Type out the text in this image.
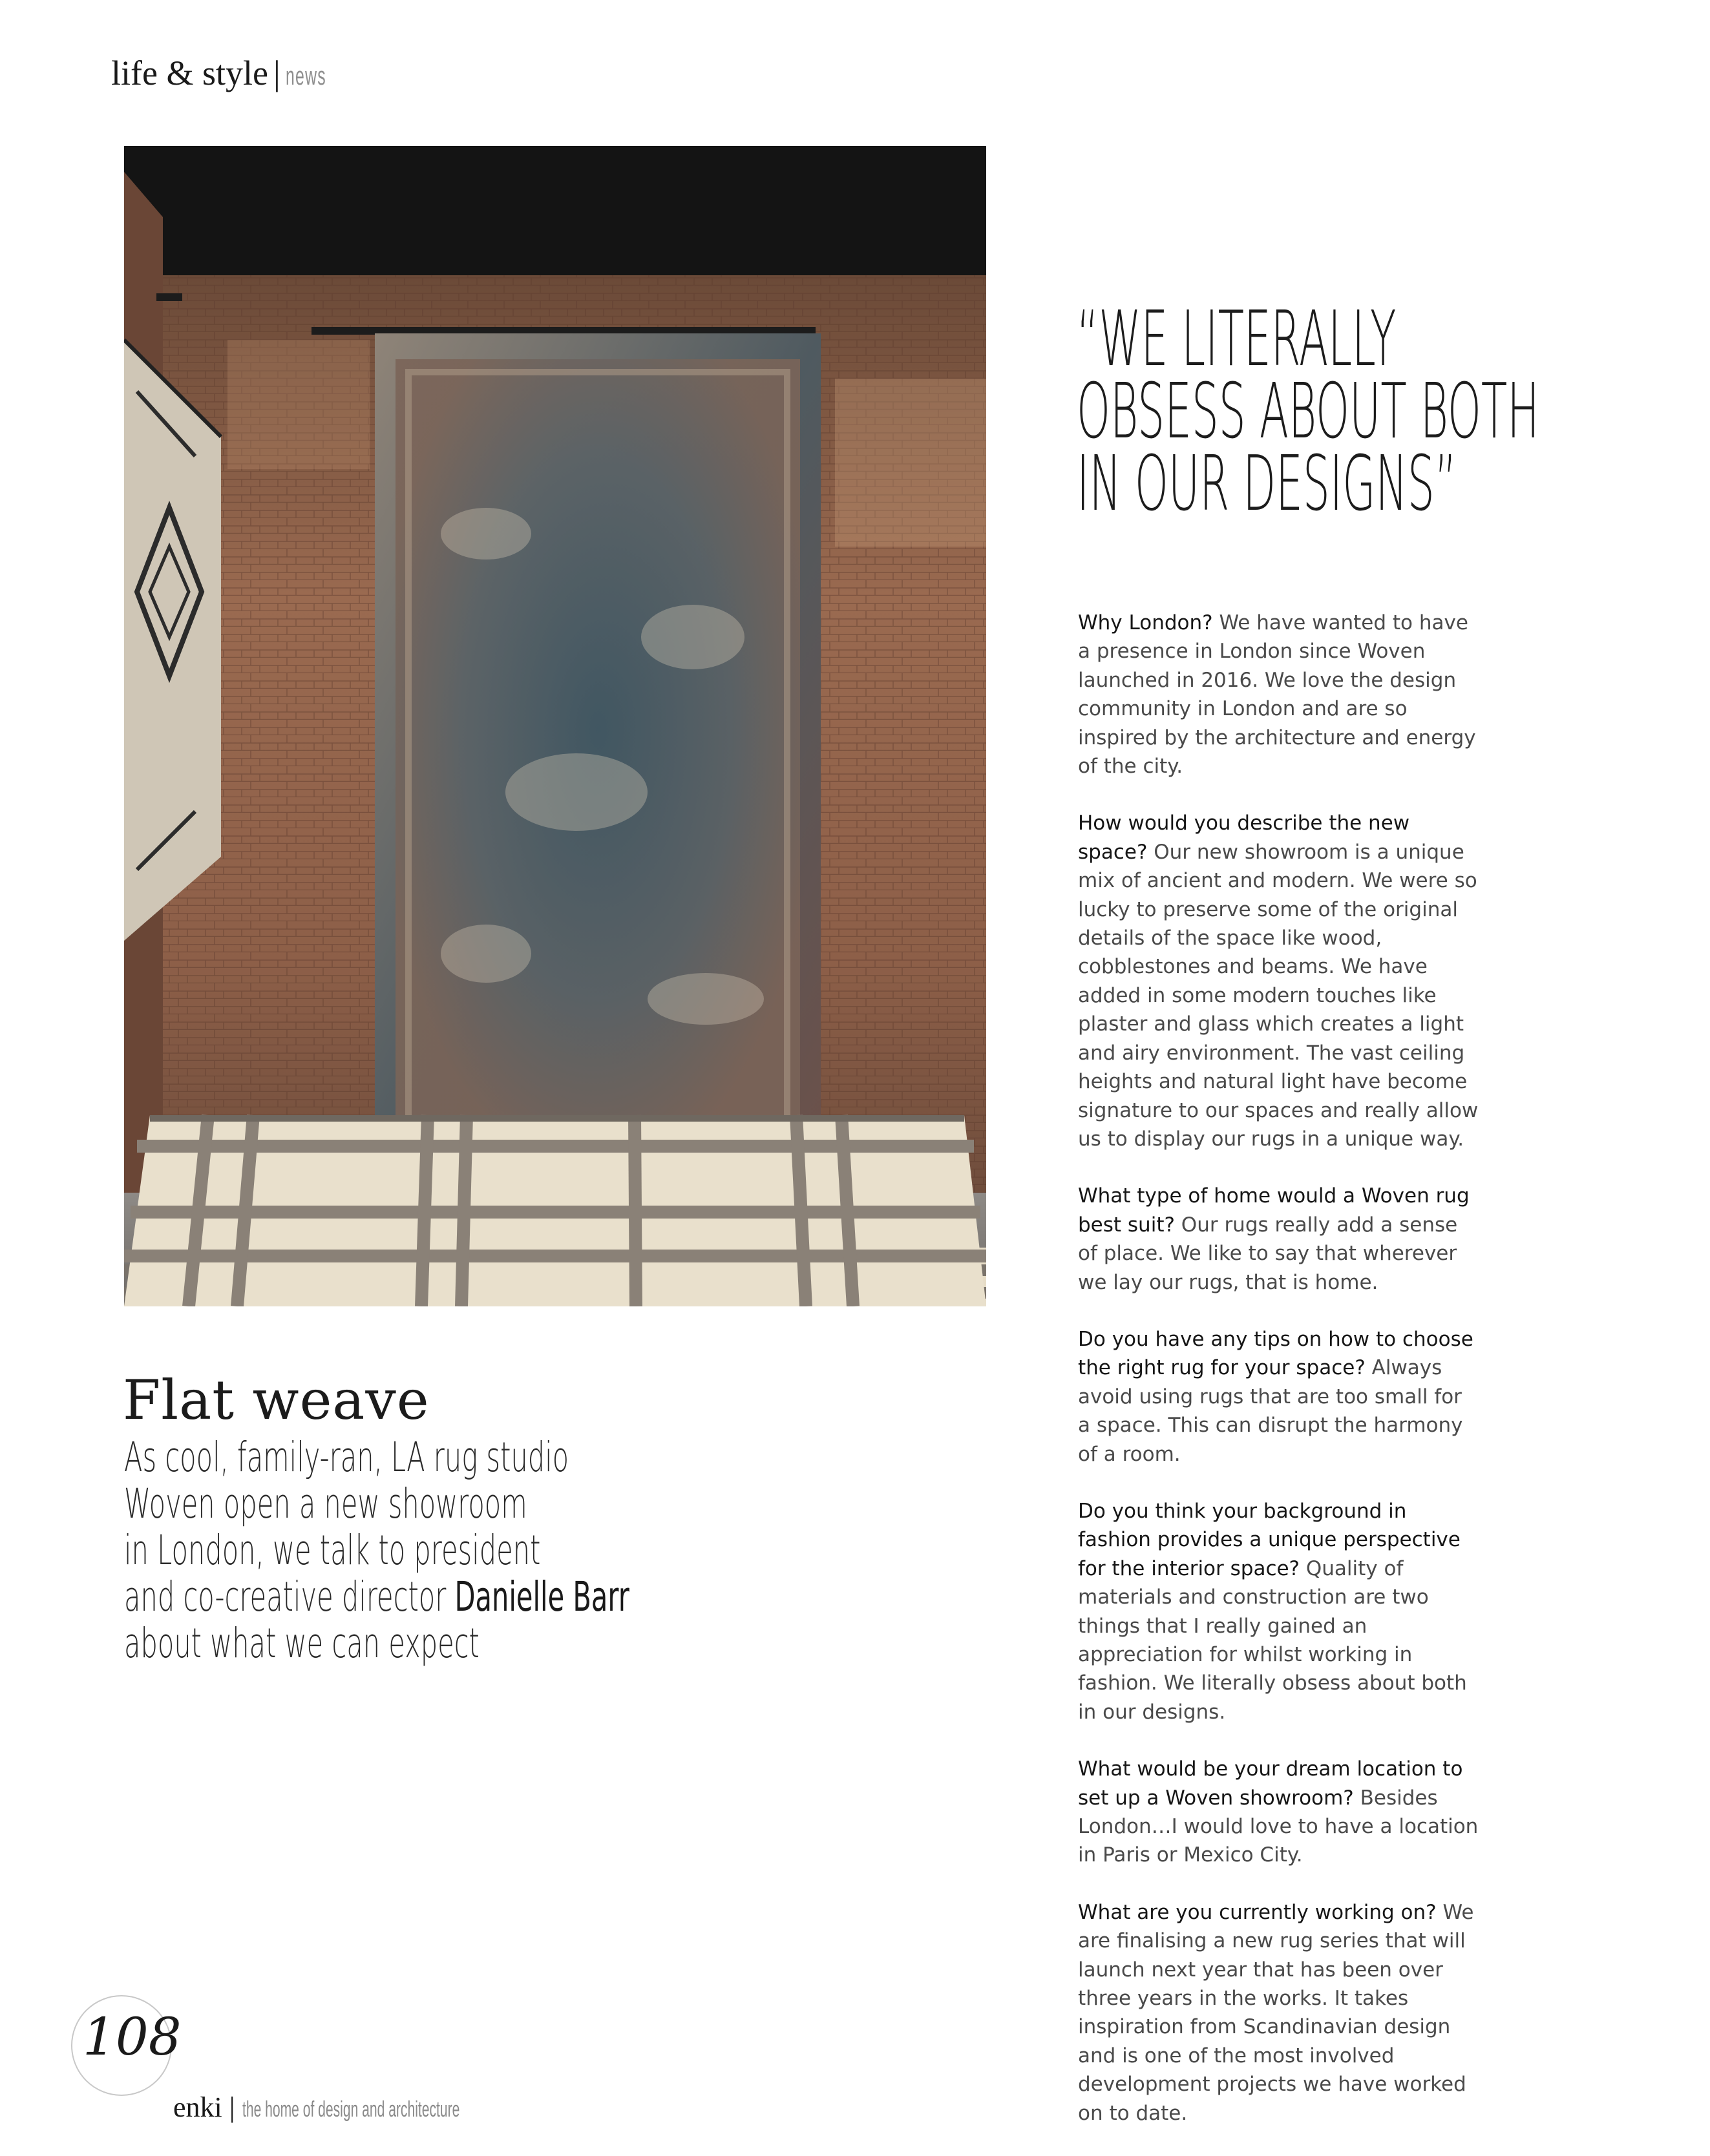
life & style | news
“WE LITERALLY
OBSESS ABOUT BOTH
IN OUR DESIGNS”

Why London? We have wanted to have a presence in London since Woven launched in 2016. We love the design community in London and are so inspired by the architecture and energy of the city.

How would you describe the new space? Our new showroom is a unique mix of ancient and modern. We were so lucky to preserve some of the original details of the space like wood, cobblestones and beams. We have added in some modern touches like plaster and glass which creates a light and airy environment. The vast ceiling heights and natural light have become signature to our spaces and really allow us to display our rugs in a unique way.

What type of home would a Woven rug best suit? Our rugs really add a sense of place. We like to say that wherever we lay our rugs, that is home.

Do you have any tips on how to choose the right rug for your space? Always avoid using rugs that are too small for a space. This can disrupt the harmony of a room.

Do you think your background in fashion provides a unique perspective for the interior space? Quality of materials and construction are two things that I really gained an appreciation for whilst working in fashion. We literally obsess about both in our designs.

What would be your dream location to set up a Woven showroom? Besides London…I would love to have a location in Paris or Mexico City.

What are you currently working on? We are finalising a new rug series that will launch next year that has been over three years in the works. It takes inspiration from Scandinavian design and is one of the most involved development projects we have worked on to date.

Flat weave
As cool, family-ran, LA rug studio
Woven open a new showroom
in London, we talk to president
and co-creative director Danielle Barr
about what we can expect
108
enki | the home of design and architecture
